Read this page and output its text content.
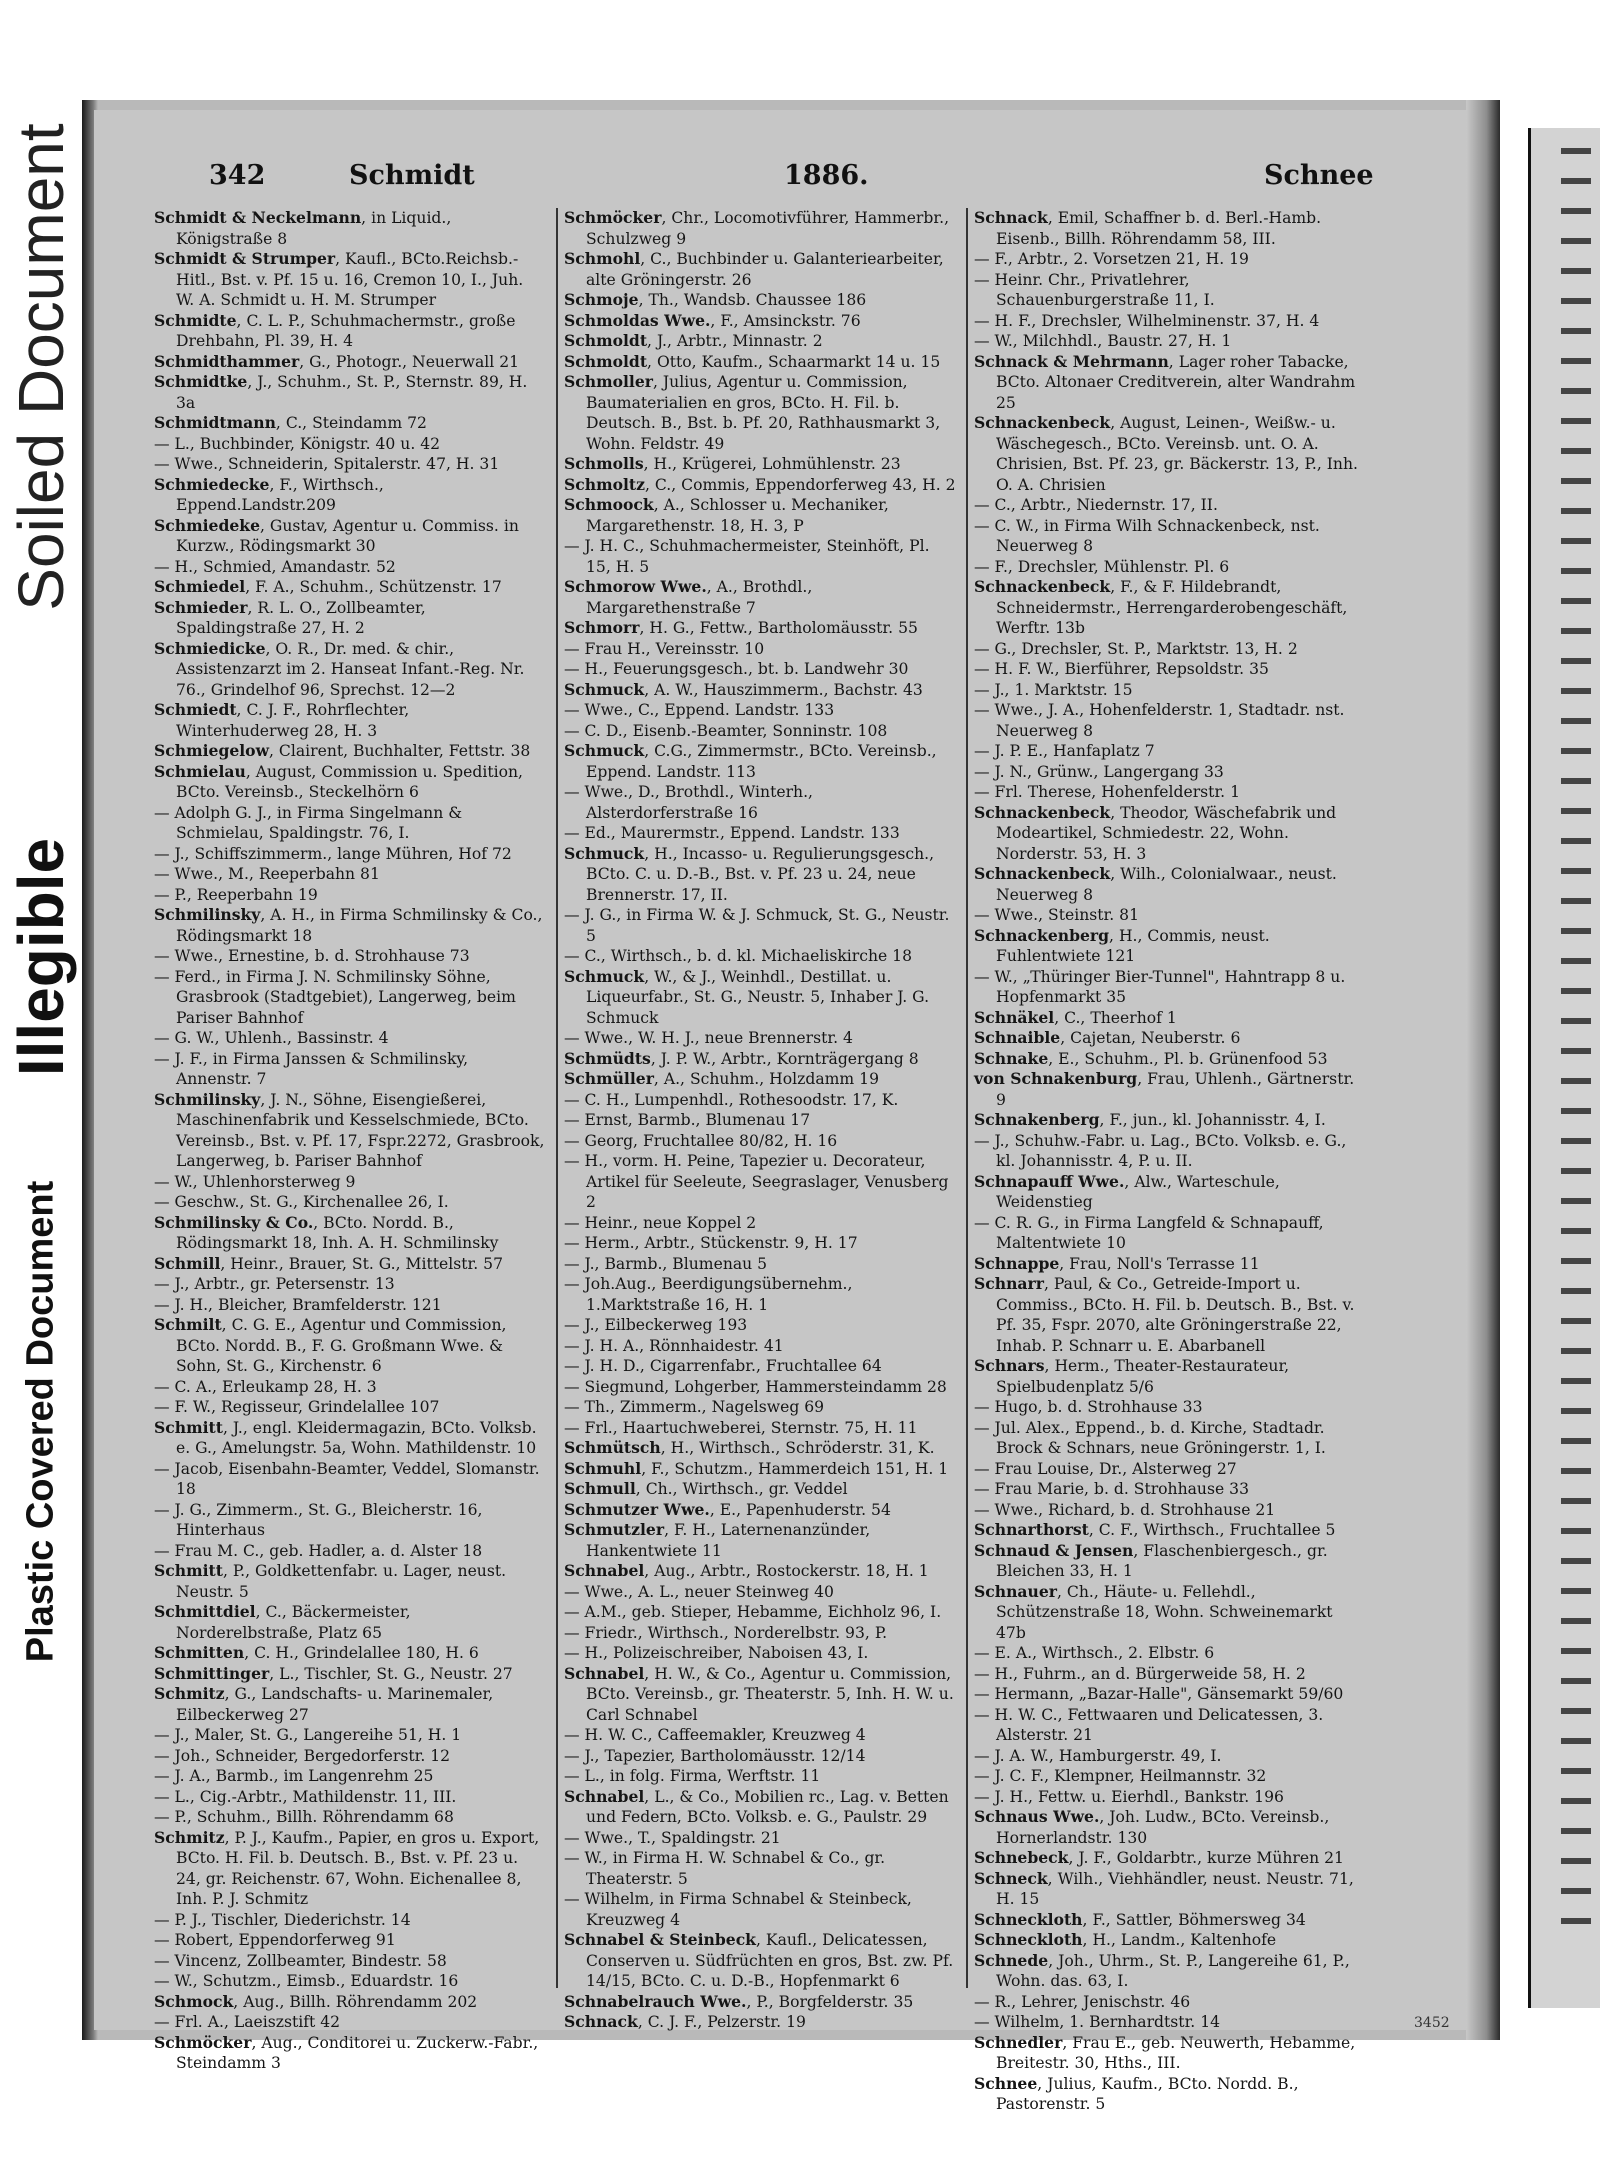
Soiled Document
Illegible
Plastic Covered Document
342	Schmidt	1886.	Schnee

Schmidt & Neckelmann, in Liquid., Königstraße 8

Schmidt & Strumper, Kaufl., BCto.Reichsb.-Hitl., Bst. v. Pf. 15 u. 16, Cremon 10, I., Juh. W. A. Schmidt u. H. M. Strumper

Schmidte, C. L. P., Schuhmachermstr., große Drehbahn, Pl. 39, H. 4

Schmidthammer, G., Photogr., Neuerwall 21

Schmidtke, J., Schuhm., St. P., Sternstr. 89, H. 3a

Schmidtmann, C., Steindamm 72

— L., Buchbinder, Königstr. 40 u. 42

— Wwe., Schneiderin, Spitalerstr. 47, H. 31

Schmiedecke, F., Wirthsch., Eppend.Landstr.209

Schmiedeke, Gustav, Agentur u. Commiss. in Kurzw., Rödingsmarkt 30

— H., Schmied, Amandastr. 52

Schmiedel, F. A., Schuhm., Schützenstr. 17

Schmieder, R. L. O., Zollbeamter, Spaldingstraße 27, H. 2

Schmiedicke, O. R., Dr. med. & chir., Assistenzarzt im 2. Hanseat Infant.-Reg. Nr. 76., Grindelhof 96, Sprechst. 12—2

Schmiedt, C. J. F., Rohrflechter, Winterhuderweg 28, H. 3

Schmiegelow, Clairent, Buchhalter, Fettstr. 38

Schmielau, August, Commission u. Spedition, BCto. Vereinsb., Steckelhörn 6

— Adolph G. J., in Firma Singelmann & Schmielau, Spaldingstr. 76, I.

— J., Schiffszimmerm., lange Mühren, Hof 72

— Wwe., M., Reeperbahn 81

— P., Reeperbahn 19

Schmilinsky, A. H., in Firma Schmilinsky & Co., Rödingsmarkt 18

— Wwe., Ernestine, b. d. Strohhause 73

— Ferd., in Firma J. N. Schmilinsky Söhne, Grasbrook (Stadtgebiet), Langerweg, beim Pariser Bahnhof

— G. W., Uhlenh., Bassinstr. 4

— J. F., in Firma Janssen & Schmilinsky, Annenstr. 7

Schmilinsky, J. N., Söhne, Eisengießerei, Maschinenfabrik und Kesselschmiede, BCto. Vereinsb., Bst. v. Pf. 17, Fspr.2272, Grasbrook, Langerweg, b. Pariser Bahnhof

— W., Uhlenhorsterweg 9

— Geschw., St. G., Kirchenallee 26, I.

Schmilinsky & Co., BCto. Nordd. B., Rödingsmarkt 18, Inh. A. H. Schmilinsky

Schmill, Heinr., Brauer, St. G., Mittelstr. 57

— J., Arbtr., gr. Petersenstr. 13

— J. H., Bleicher, Bramfelderstr. 121

Schmilt, C. G. E., Agentur und Commission, BCto. Nordd. B., F. G. Großmann Wwe. & Sohn, St. G., Kirchenstr. 6

— C. A., Erleukamp 28, H. 3

— F. W., Regisseur, Grindelallee 107

Schmitt, J., engl. Kleidermagazin, BCto. Volksb. e. G., Amelungstr. 5a, Wohn. Mathildenstr. 10

— Jacob, Eisenbahn-Beamter, Veddel, Slomanstr. 18

— J. G., Zimmerm., St. G., Bleicherstr. 16, Hinterhaus

— Frau M. C., geb. Hadler, a. d. Alster 18

Schmitt, P., Goldkettenfabr. u. Lager, neust. Neustr. 5

Schmittdiel, C., Bäckermeister, Norderelbstraße, Platz 65

Schmitten, C. H., Grindelallee 180, H. 6

Schmittinger, L., Tischler, St. G., Neustr. 27

Schmitz, G., Landschafts- u. Marinemaler, Eilbeckerweg 27

— J., Maler, St. G., Langereihe 51, H. 1

— Joh., Schneider, Bergedorferstr. 12

— J. A., Barmb., im Langenrehm 25

— L., Cig.-Arbtr., Mathildenstr. 11, III.

— P., Schuhm., Billh. Röhrendamm 68

Schmitz, P. J., Kaufm., Papier, en gros u. Export, BCto. H. Fil. b. Deutsch. B., Bst. v. Pf. 23 u. 24, gr. Reichenstr. 67, Wohn. Eichenallee 8, Inh. P. J. Schmitz

— P. J., Tischler, Diederichstr. 14

— Robert, Eppendorferweg 91

— Vincenz, Zollbeamter, Bindestr. 58

— W., Schutzm., Eimsb., Eduardstr. 16

Schmock, Aug., Billh. Röhrendamm 202

— Frl. A., Laeiszstift 42

Schmöcker, Aug., Conditorei u. Zuckerw.-Fabr., Steindamm 3

Schmöcker, Chr., Locomotivführer, Hammerbr., Schulzweg 9

Schmohl, C., Buchbinder u. Galanteriearbeiter, alte Gröningerstr. 26

Schmoje, Th., Wandsb. Chaussee 186

Schmoldas Wwe., F., Amsinckstr. 76

Schmoldt, J., Arbtr., Minnastr. 2

Schmoldt, Otto, Kaufm., Schaarmarkt 14 u. 15

Schmoller, Julius, Agentur u. Commission, Baumaterialien en gros, BCto. H. Fil. b. Deutsch. B., Bst. b. Pf. 20, Rathhausmarkt 3, Wohn. Feldstr. 49

Schmolls, H., Krügerei, Lohmühlenstr. 23

Schmoltz, C., Commis, Eppendorferweg 43, H. 2

Schmoock, A., Schlosser u. Mechaniker, Margarethenstr. 18, H. 3, P

— J. H. C., Schuhmachermeister, Steinhöft, Pl. 15, H. 5

Schmorow Wwe., A., Brothdl., Margarethenstraße 7

Schmorr, H. G., Fettw., Bartholomäusstr. 55

— Frau H., Vereinsstr. 10

— H., Feuerungsgesch., bt. b. Landwehr 30

Schmuck, A. W., Hauszimmerm., Bachstr. 43

— Wwe., C., Eppend. Landstr. 133

— C. D., Eisenb.-Beamter, Sonninstr. 108

Schmuck, C.G., Zimmermstr., BCto. Vereinsb., Eppend. Landstr. 113

— Wwe., D., Brothdl., Winterh., Alsterdorferstraße 16

— Ed., Maurermstr., Eppend. Landstr. 133

Schmuck, H., Incasso- u. Regulierungsgesch., BCto. C. u. D.-B., Bst. v. Pf. 23 u. 24, neue Brennerstr. 17, II.

— J. G., in Firma W. & J. Schmuck, St. G., Neustr. 5

— C., Wirthsch., b. d. kl. Michaeliskirche 18

Schmuck, W., & J., Weinhdl., Destillat. u. Liqueurfabr., St. G., Neustr. 5, Inhaber J. G. Schmuck

— Wwe., W. H. J., neue Brennerstr. 4

Schmüdts, J. P. W., Arbtr., Kornträgergang 8

Schmüller, A., Schuhm., Holzdamm 19

— C. H., Lumpenhdl., Rothesoodstr. 17, K.

— Ernst, Barmb., Blumenau 17

— Georg, Fruchtallee 80/82, H. 16

— H., vorm. H. Peine, Tapezier u. Decorateur, Artikel für Seeleute, Seegraslager, Venusberg 2

— Heinr., neue Koppel 2

— Herm., Arbtr., Stückenstr. 9, H. 17

— J., Barmb., Blumenau 5

— Joh.Aug., Beerdigungsübernehm., 1.Marktstraße 16, H. 1

— J., Eilbeckerweg 193

— J. H. A., Rönnhaidestr. 41

— J. H. D., Cigarrenfabr., Fruchtallee 64

— Siegmund, Lohgerber, Hammersteindamm 28

— Th., Zimmerm., Nagelsweg 69

— Frl., Haartuchweberei, Sternstr. 75, H. 11

Schmütsch, H., Wirthsch., Schröderstr. 31, K.

Schmuhl, F., Schutzm., Hammerdeich 151, H. 1

Schmull, Ch., Wirthsch., gr. Veddel

Schmutzer Wwe., E., Papenhuderstr. 54

Schmutzler, F. H., Laternenanzünder, Hankentwiete 11

Schnabel, Aug., Arbtr., Rostockerstr. 18, H. 1

— Wwe., A. L., neuer Steinweg 40

— A.M., geb. Stieper, Hebamme, Eichholz 96, I.

— Friedr., Wirthsch., Norderelbstr. 93, P.

— H., Polizeischreiber, Naboisen 43, I.

Schnabel, H. W., & Co., Agentur u. Commission, BCto. Vereinsb., gr. Theaterstr. 5, Inh. H. W. u. Carl Schnabel

— H. W. C., Caffeemakler, Kreuzweg 4

— J., Tapezier, Bartholomäusstr. 12/14

— L., in folg. Firma, Werftstr. 11

Schnabel, L., & Co., Mobilien rc., Lag. v. Betten und Federn, BCto. Volksb. e. G., Paulstr. 29

— Wwe., T., Spaldingstr. 21

— W., in Firma H. W. Schnabel & Co., gr. Theaterstr. 5

— Wilhelm, in Firma Schnabel & Steinbeck, Kreuzweg 4

Schnabel & Steinbeck, Kaufl., Delicatessen, Conserven u. Südfrüchten en gros, Bst. zw. Pf. 14/15, BCto. C. u. D.-B., Hopfenmarkt 6

Schnabelrauch Wwe., P., Borgfelderstr. 35

Schnack, C. J. F., Pelzerstr. 19

Schnack, Emil, Schaffner b. d. Berl.-Hamb. Eisenb., Billh. Röhrendamm 58, III.

— F., Arbtr., 2. Vorsetzen 21, H. 19

— Heinr. Chr., Privatlehrer, Schauenburgerstraße 11, I.

— H. F., Drechsler, Wilhelminenstr. 37, H. 4

— W., Milchhdl., Baustr. 27, H. 1

Schnack & Mehrmann, Lager roher Tabacke, BCto. Altonaer Creditverein, alter Wandrahm 25

Schnackenbeck, August, Leinen-, Weißw.- u. Wäschegesch., BCto. Vereinsb. unt. O. A. Chrisien, Bst. Pf. 23, gr. Bäckerstr. 13, P., Inh. O. A. Chrisien

— C., Arbtr., Niedernstr. 17, II.

— C. W., in Firma Wilh Schnackenbeck, nst. Neuerweg 8

— F., Drechsler, Mühlenstr. Pl. 6

Schnackenbeck, F., & F. Hildebrandt, Schneidermstr., Herrengarderobengeschäft, Werftr. 13b

— G., Drechsler, St. P., Marktstr. 13, H. 2

— H. F. W., Bierführer, Repsoldstr. 35

— J., 1. Marktstr. 15

— Wwe., J. A., Hohenfelderstr. 1, Stadtadr. nst. Neuerweg 8

— J. P. E., Hanfaplatz 7

— J. N., Grünw., Langergang 33

— Frl. Therese, Hohenfelderstr. 1

Schnackenbeck, Theodor, Wäschefabrik und Modeartikel, Schmiedestr. 22, Wohn. Norderstr. 53, H. 3

Schnackenbeck, Wilh., Colonialwaar., neust. Neuerweg 8

— Wwe., Steinstr. 81

Schnackenberg, H., Commis, neust. Fuhlentwiete 121

— W., „Thüringer Bier-Tunnel", Hahntrapp 8 u. Hopfenmarkt 35

Schnäkel, C., Theerhof 1

Schnaible, Cajetan, Neuberstr. 6

Schnake, E., Schuhm., Pl. b. Grünenfood 53

von Schnakenburg, Frau, Uhlenh., Gärtnerstr. 9

Schnakenberg, F., jun., kl. Johannisstr. 4, I.

— J., Schuhw.-Fabr. u. Lag., BCto. Volksb. e. G., kl. Johannisstr. 4, P. u. II.

Schnapauff Wwe., Alw., Warteschule, Weidenstieg

— C. R. G., in Firma Langfeld & Schnapauff, Maltentwiete 10

Schnappe, Frau, Noll's Terrasse 11

Schnarr, Paul, & Co., Getreide-Import u. Commiss., BCto. H. Fil. b. Deutsch. B., Bst. v. Pf. 35, Fspr. 2070, alte Gröningerstraße 22, Inhab. P. Schnarr u. E. Abarbanell

Schnars, Herm., Theater-Restaurateur, Spielbudenplatz 5/6

— Hugo, b. d. Strohhause 33

— Jul. Alex., Eppend., b. d. Kirche, Stadtadr. Brock & Schnars, neue Gröningerstr. 1, I.

— Frau Louise, Dr., Alsterweg 27

— Frau Marie, b. d. Strohhause 33

— Wwe., Richard, b. d. Strohhause 21

Schnarthorst, C. F., Wirthsch., Fruchtallee 5

Schnaud & Jensen, Flaschenbiergesch., gr. Bleichen 33, H. 1

Schnauer, Ch., Häute- u. Fellehdl., Schützenstraße 18, Wohn. Schweinemarkt 47b

— E. A., Wirthsch., 2. Elbstr. 6

— H., Fuhrm., an d. Bürgerweide 58, H. 2

— Hermann, „Bazar-Halle", Gänsemarkt 59/60

— H. W. C., Fettwaaren und Delicatessen, 3. Alsterstr. 21

— J. A. W., Hamburgerstr. 49, I.

— J. C. F., Klempner, Heilmannstr. 32

— J. H., Fettw. u. Eierhdl., Bankstr. 196

Schnaus Wwe., Joh. Ludw., BCto. Vereinsb., Hornerlandstr. 130

Schnebeck, J. F., Goldarbtr., kurze Mühren 21

Schneck, Wilh., Viehhändler, neust. Neustr. 71, H. 15

Schneckloth, F., Sattler, Böhmersweg 34

Schneckloth, H., Landm., Kaltenhofe

Schnede, Joh., Uhrm., St. P., Langereihe 61, P., Wohn. das. 63, I.

— R., Lehrer, Jenischstr. 46

— Wilhelm, 1. Bernhardtstr. 14

Schnedler, Frau E., geb. Neuwerth, Hebamme, Breitestr. 30, Hths., III.

Schnee, Julius, Kaufm., BCto. Nordd. B., Pastorenstr. 5

3452
